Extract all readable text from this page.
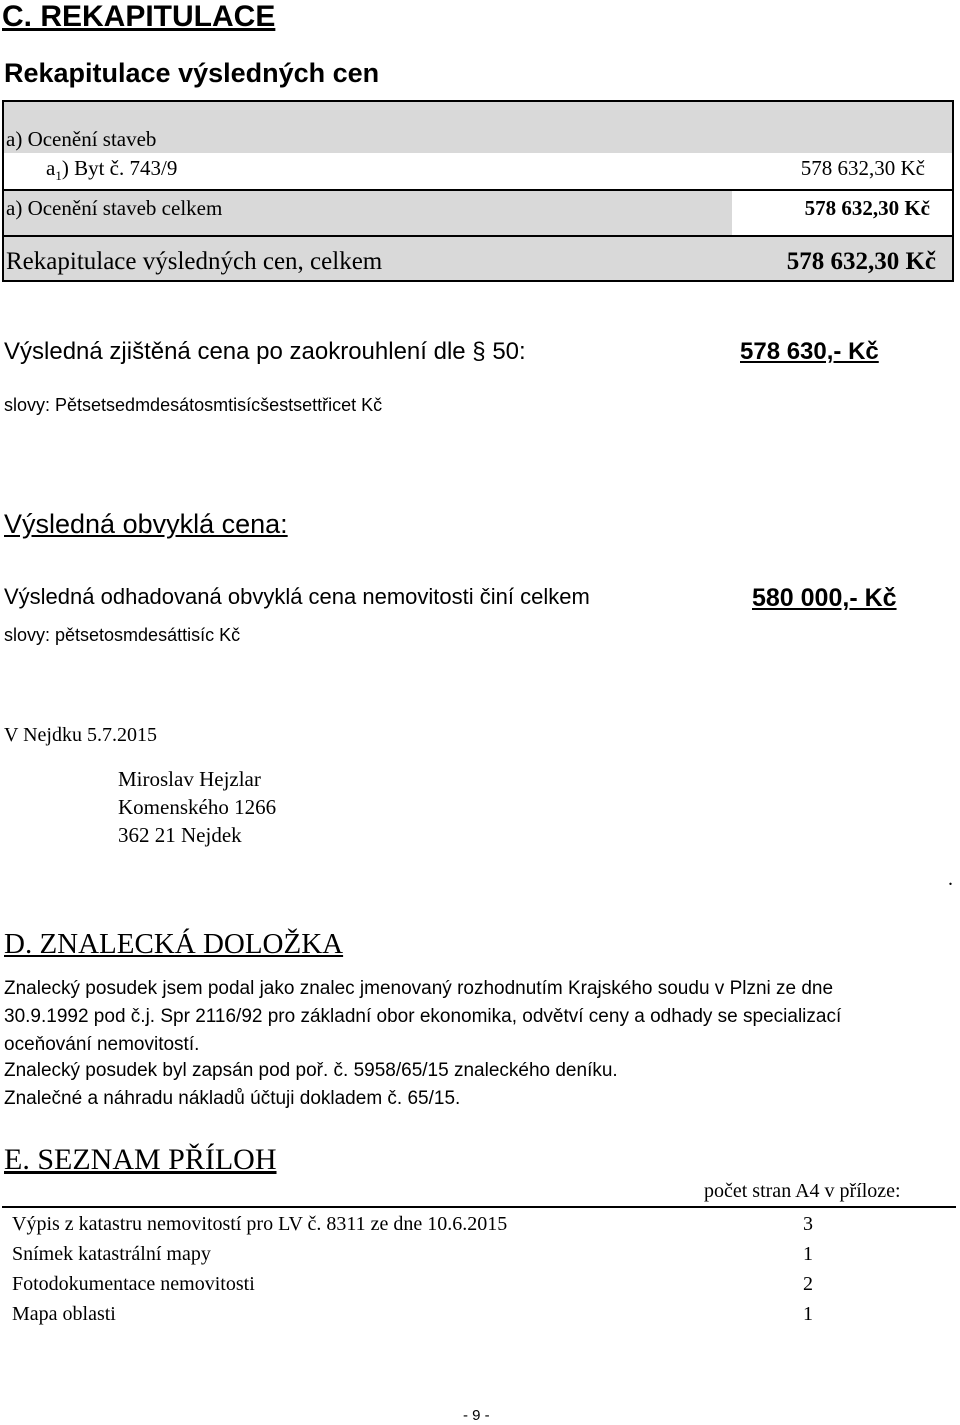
C. REKAPITULACE
Rekapitulace výsledných cen
a) Ocenění staveb
$a_1$) Byt č. 743/9	578 632,30 Kč
a) Ocenění staveb celkem	578 632,30 Kč
Rekapitulace výsledných cen, celkem	578 632,30 Kč
Výsledná zjištěná cena po zaokrouhlení dle § 50:	578 630,- Kč
slovy: Pětsetsedmdesátosmtisícšestsettřicet Kč
Výsledná obvyklá cena:
Výsledná odhadovaná obvyklá cena nemovitosti činí celkem	580 000,- Kč
slovy: pětsetosmdesáttisíc Kč
V Nejdku 5.7.2015
Miroslav Hejzlar
Komenského 1266
362 21 Nejdek
.
D. ZNALECKÁ DOLOŽKA
Znalecký posudek jsem podal jako znalec jmenovaný rozhodnutím Krajského soudu v Plzni ze dne
30.9.1992 pod č.j. Spr 2116/92 pro základní obor ekonomika, odvětví ceny a odhady se specializací
oceňování nemovitostí.
Znalecký posudek byl zapsán pod poř. č. 5958/65/15 znaleckého deníku.
Znalečné a náhradu nákladů účtuji dokladem č. 65/15.
E. SEZNAM PŘÍLOH
počet stran A4 v příloze:
Výpis z katastru nemovitostí pro LV č. 8311 ze dne 10.6.2015	3
Snímek katastrální mapy	1
Fotodokumentace nemovitosti	2
Mapa oblasti	1
- 9 -
